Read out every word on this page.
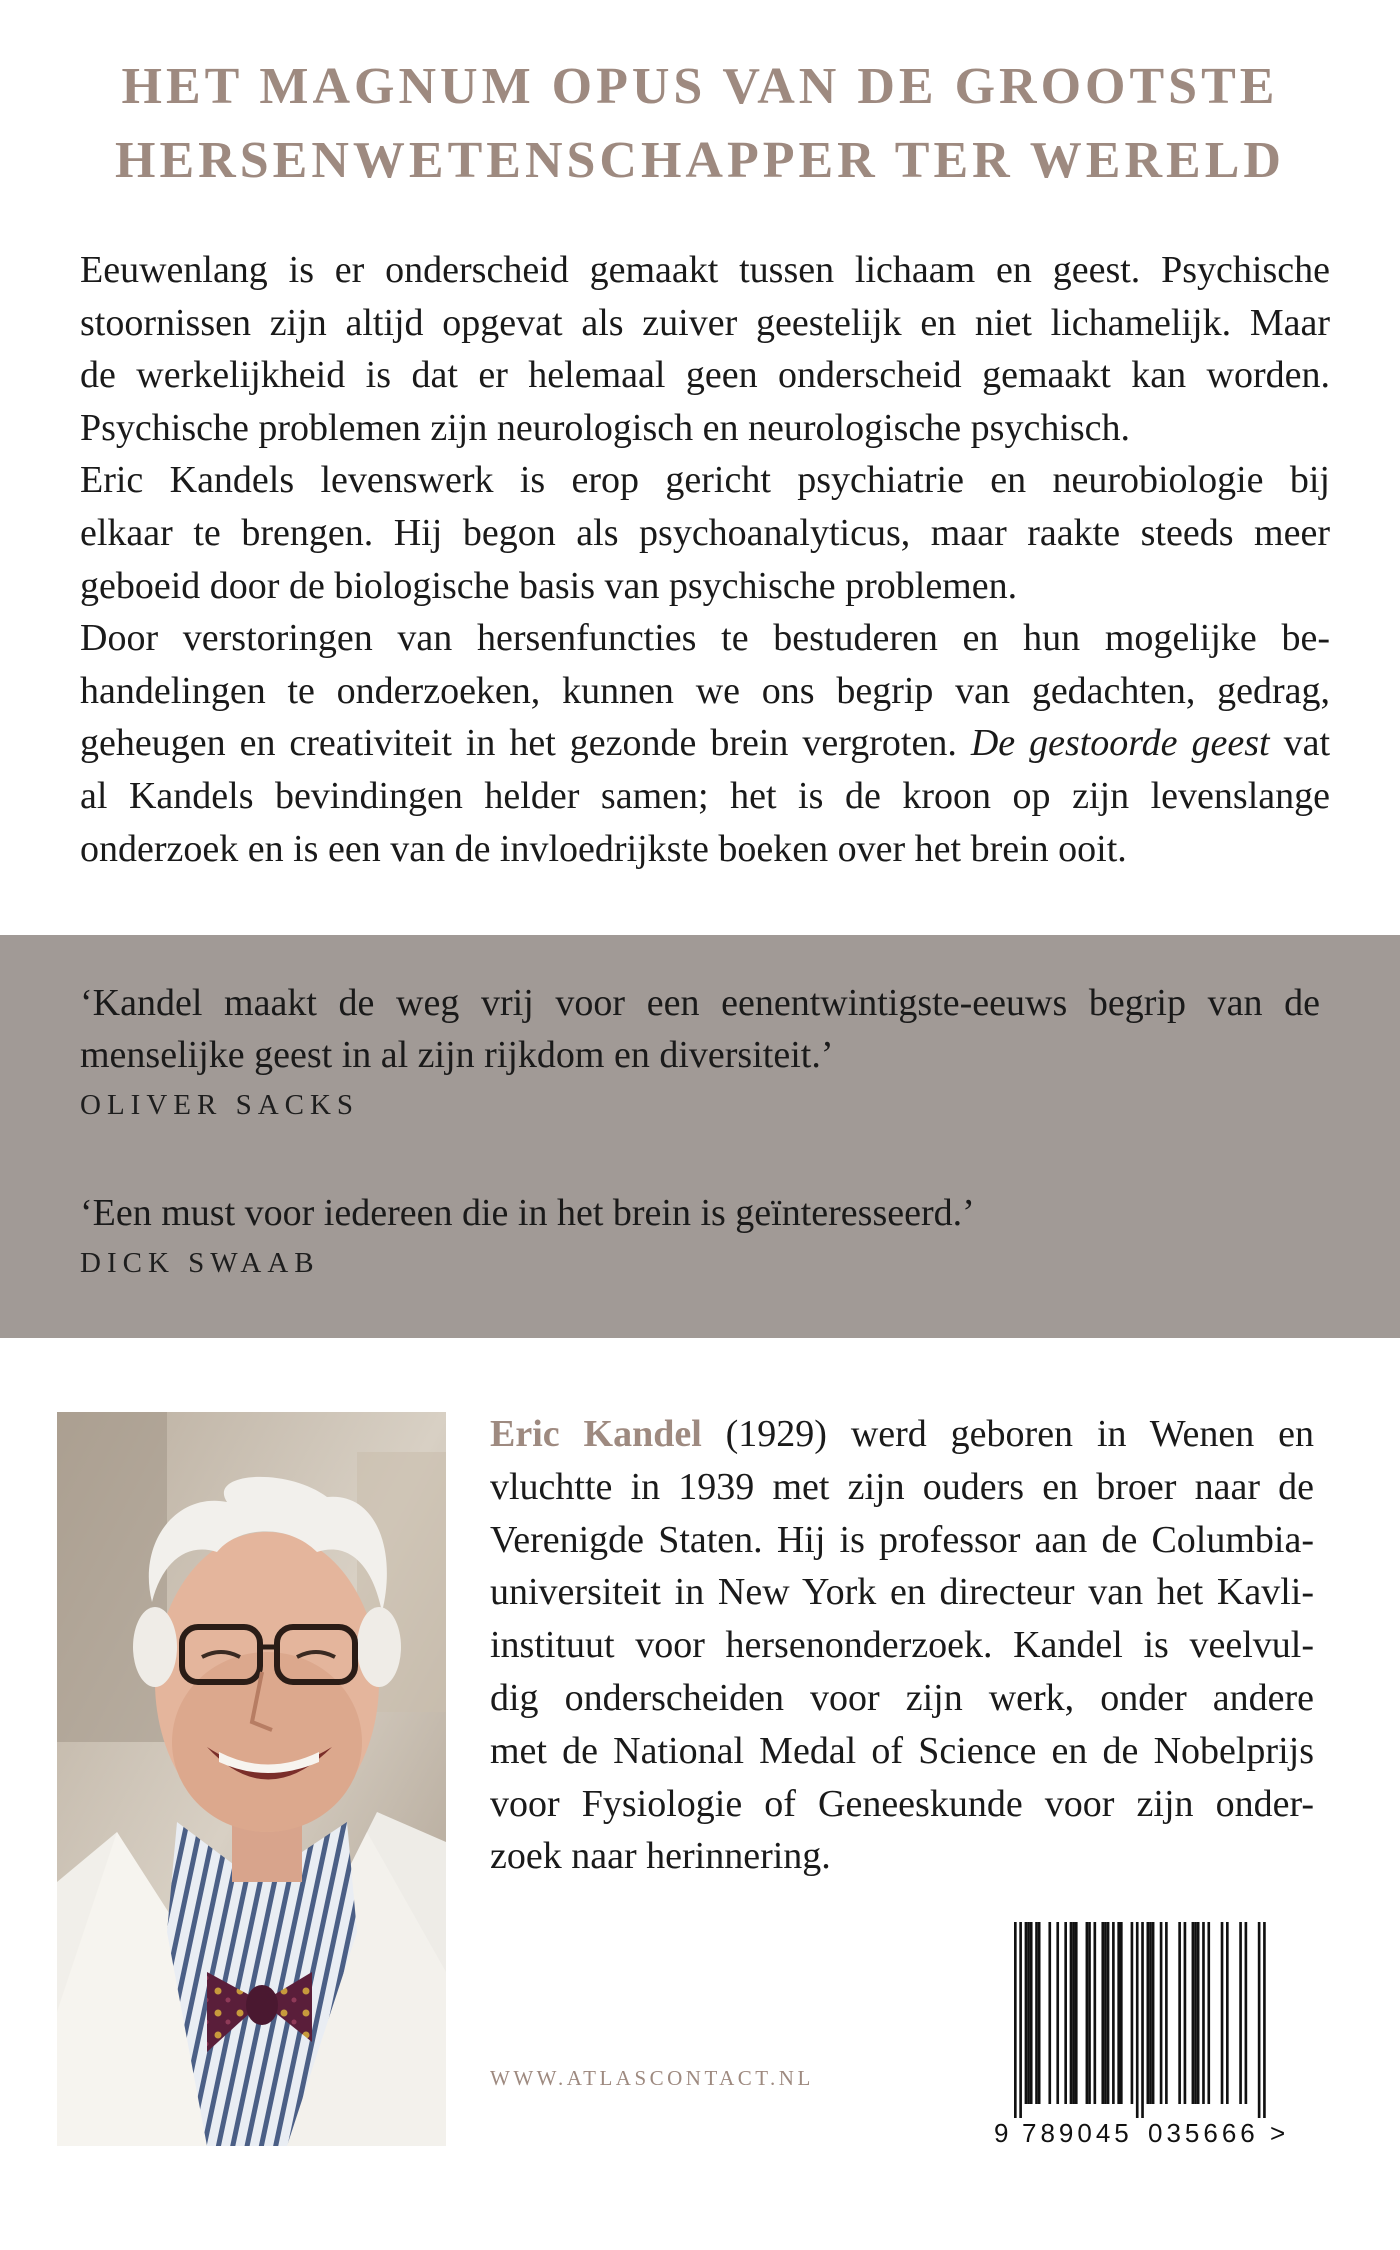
HET MAGNUM OPUS VAN DE GROOTSTE
HERSENWETENSCHAPPER TER WERELD
Eeuwenlang is er onderscheid gemaakt tussen lichaam en geest. Psychische
stoornissen zijn altijd opgevat als zuiver geestelijk en niet lichamelijk. Maar
de werkelijkheid is dat er helemaal geen onderscheid gemaakt kan worden.
Psychische problemen zijn neurologisch en neurologische psychisch.
Eric Kandels levenswerk is erop gericht psychiatrie en neurobiologie bij
elkaar te brengen. Hij begon als psychoanalyticus, maar raakte steeds meer
geboeid door de biologische basis van psychische problemen.
Door verstoringen van hersenfuncties te bestuderen en hun mogelijke be-
handelingen te onderzoeken, kunnen we ons begrip van gedachten, gedrag,
geheugen en creativiteit in het gezonde brein vergroten. De gestoorde geest vat
al Kandels bevindingen helder samen; het is de kroon op zijn levenslange
onderzoek en is een van de invloedrijkste boeken over het brein ooit.
‘Kandel maakt de weg vrij voor een eenentwintigste-eeuws begrip van de
menselijke geest in al zijn rijkdom en diversiteit.’
OLIVER SACKS
‘Een must voor iedereen die in het brein is geïnteresseerd.’
DICK SWAAB
Eric Kandel (1929) werd geboren in Wenen en
vluchtte in 1939 met zijn ouders en broer naar de
Verenigde Staten. Hij is professor aan de Columbia-
universiteit in New York en directeur van het Kavli-
instituut voor hersenonderzoek. Kandel is veelvul-
dig onderscheiden voor zijn werk, onder andere
met de National Medal of Science en de Nobelprijs
voor Fysiologie of Geneeskunde voor zijn onder-
zoek naar herinnering.
WWW.ATLASCONTACT.NL
9 789045 035666 >
